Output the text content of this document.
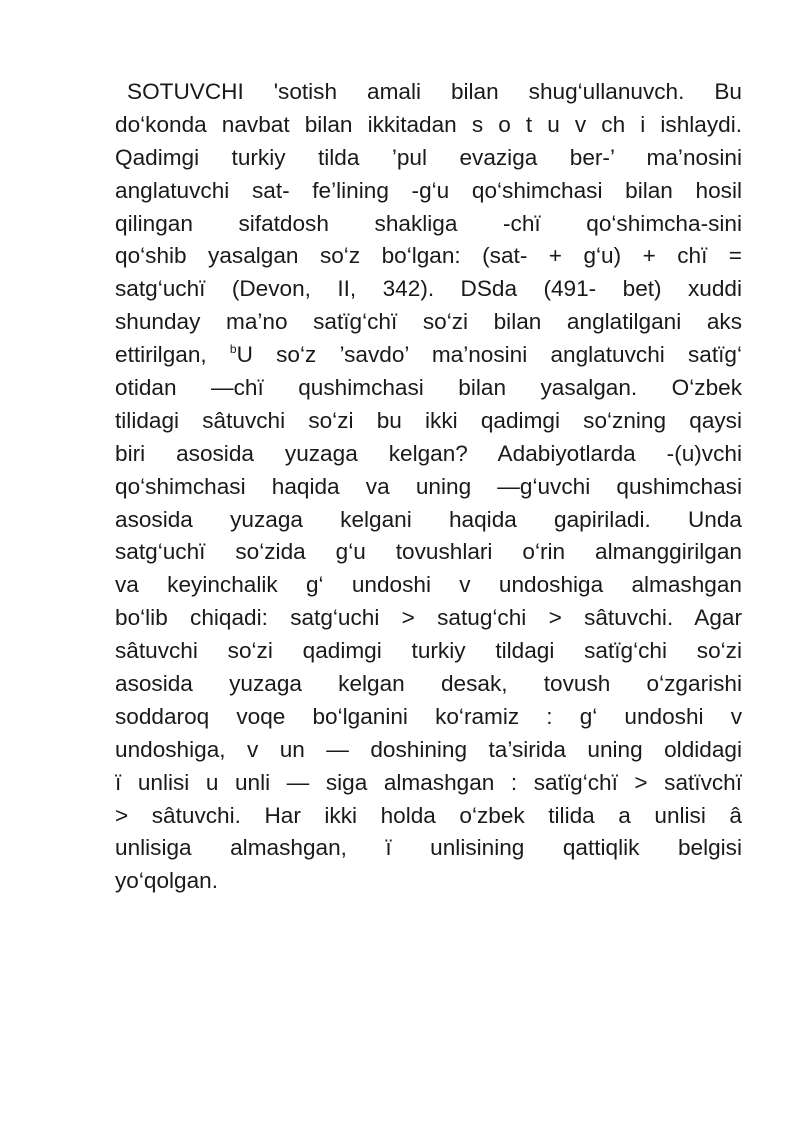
SOTUVCHI 'sotish amali bilan shug‘ullanuvch. Bu
do‘konda navbat bilan ikkitadan s o t u v ch i ishlaydi.
Qadimgi turkiy tilda ’pul evaziga ber-’ ma’nosini
anglatuvchi sat- fe’lining -g‘u qo‘shimchasi bilan hosil
qilingan sifatdosh shakliga -chï qo‘shimcha-sini
qo‘shib yasalgan so‘z bo‘lgan: (sat- + g‘u) + chï =
satg‘uchï (Devon, II, 342). DSda (491- bet) xuddi
shunday ma’no satïg‘chï so‘zi bilan anglatilgani aks
ettirilgan, $^b$U so‘z ’savdo’ ma’nosini anglatuvchi satïg‘
otidan —chï qushimchasi bilan yasalgan. O‘zbek
tilidagi sâtuvchi so‘zi bu ikki qadimgi so‘zning qaysi
biri asosida yuzaga kelgan? Adabiyotlarda -(u)vchi
qo‘shimchasi haqida va uning —g‘uvchi qushimchasi
asosida yuzaga kelgani haqida gapiriladi. Unda
satg‘uchï so‘zida g‘u tovushlari o‘rin almanggirilgan
va keyinchalik g‘ undoshi v undoshiga almashgan
bo‘lib chiqadi: satg‘uchi > satug‘chi > sâtuvchi. Agar
sâtuvchi so‘zi qadimgi turkiy tildagi satïg‘chi so‘zi
asosida yuzaga kelgan desak, tovush o‘zgarishi
soddaroq voqe bo‘lganini ko‘ramiz : g‘ undoshi v
undoshiga, v un — doshining ta’sirida uning oldidagi
ï unlisi u unli — siga almashgan : satïg‘chï > satïvchï
> sâtuvchi. Har ikki holda o‘zbek tilida a unlisi â
unlisiga almashgan, ï unlisining qattiqlik belgisi
yo‘qolgan.
